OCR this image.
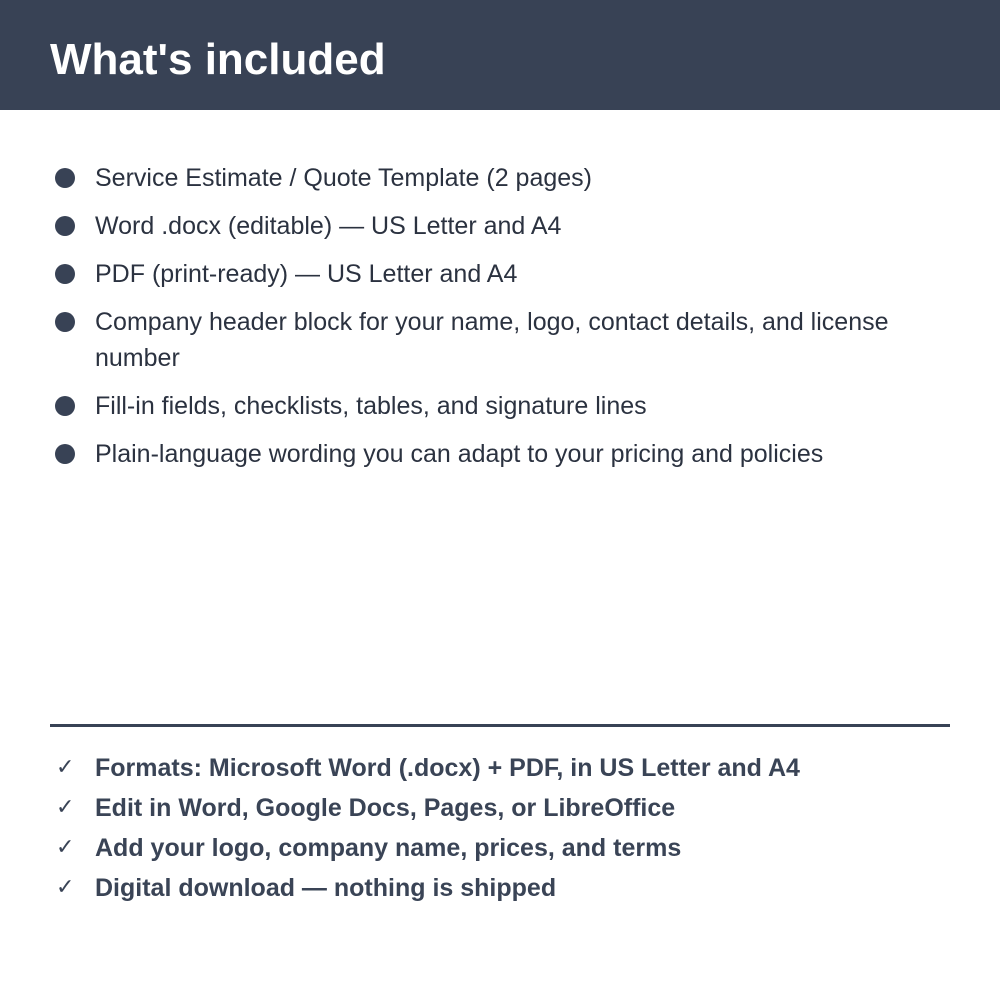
What's included
Service Estimate / Quote Template (2 pages)
Word .docx (editable) — US Letter and A4
PDF (print-ready) — US Letter and A4
Company header block for your name, logo, contact details, and license number
Fill-in fields, checklists, tables, and signature lines
Plain-language wording you can adapt to your pricing and policies
✓ Formats: Microsoft Word (.docx) + PDF, in US Letter and A4
✓ Edit in Word, Google Docs, Pages, or LibreOffice
✓ Add your logo, company name, prices, and terms
✓ Digital download — nothing is shipped
